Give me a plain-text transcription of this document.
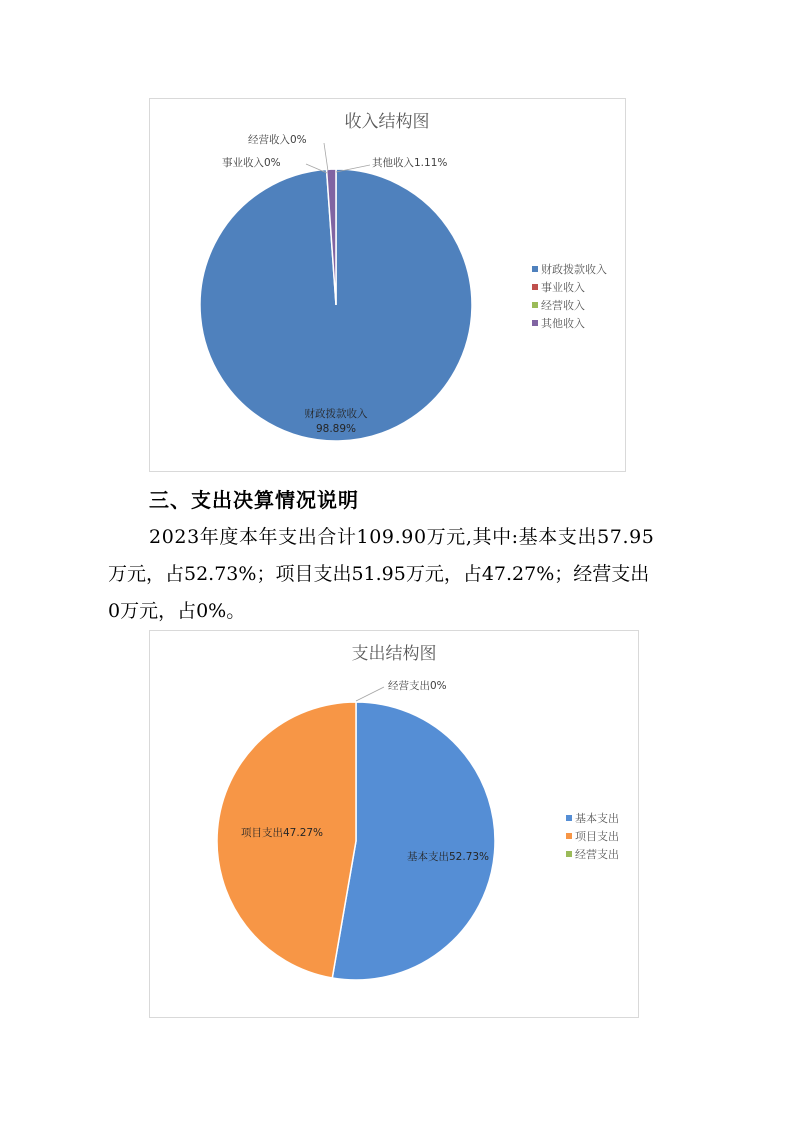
收入结构图
经营收入0%
事业收入0%	其他收入1.11%
财政拨款收入
98.89%
财政拨款收入
事业收入
经营收入
其他收入
三、支出决算情况说明
2023年度本年支出合计109.90万元,其中:基本支出57.95
万元，占52.73%；项目支出51.95万元，占47.27%；经营支出
0万元，占0%。
支出结构图
经营支出0%
项目支出47.27%
基本支出52.73%
基本支出
项目支出
经营支出
